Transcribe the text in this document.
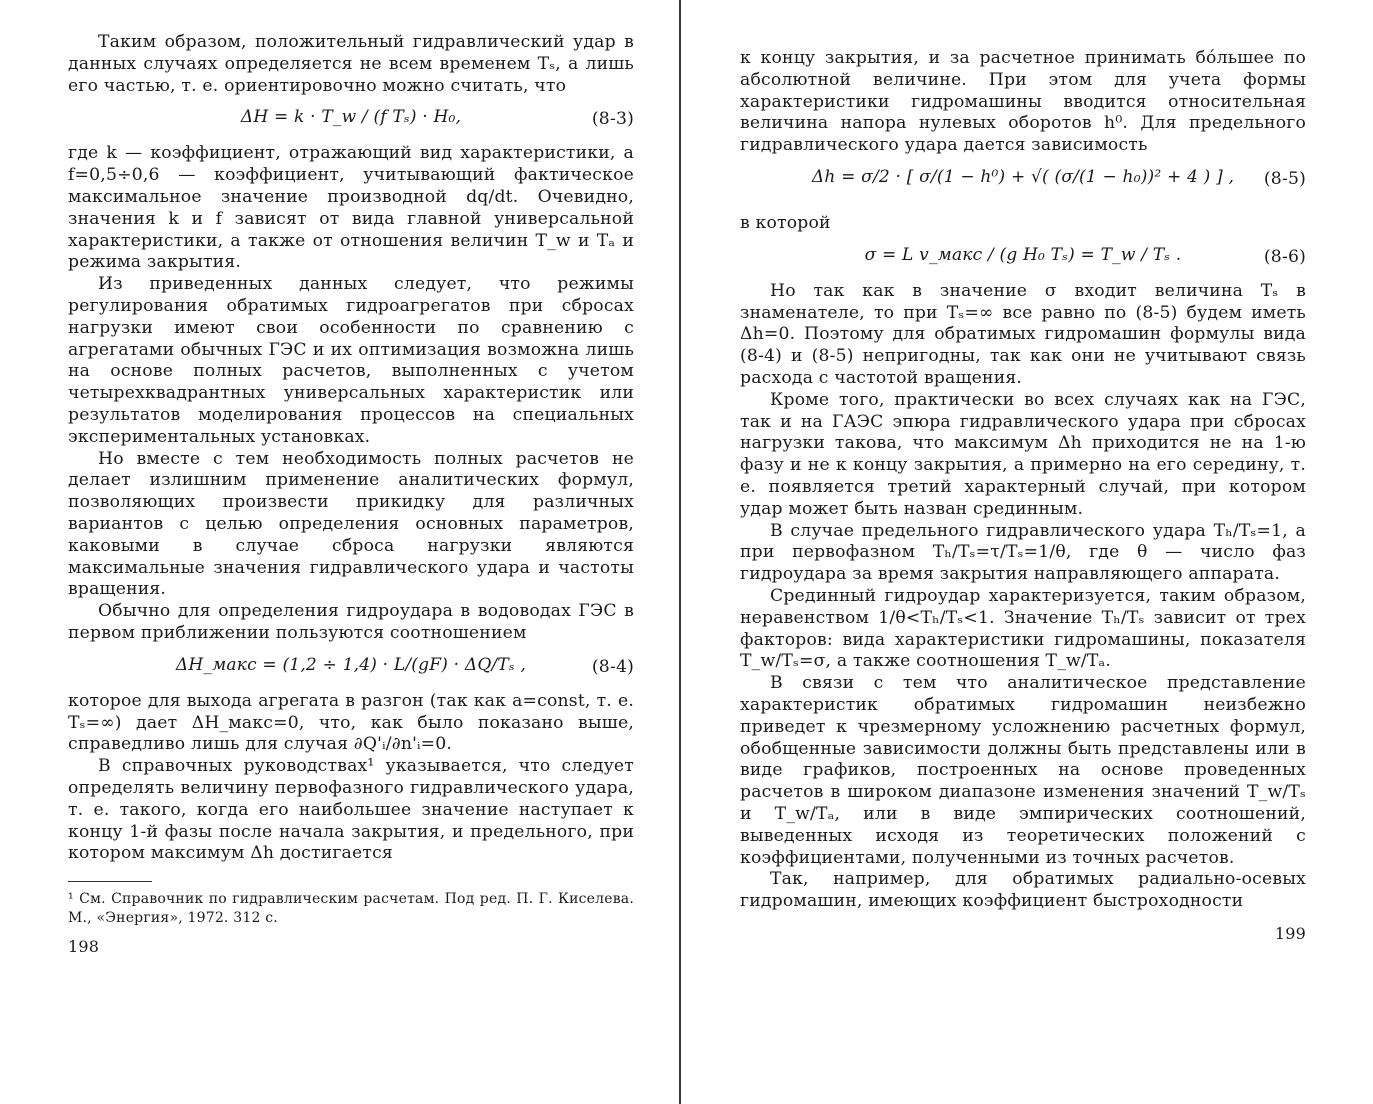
Таким образом, положительный гидравлический удар в данных случаях определяется не всем временем Tₛ, а лишь его частью, т. е. ориентировочно можно считать, что

ΔH = k · T_w / (f Tₛ) · H₀,	(8-3)

где k — коэффициент, отражающий вид характеристики, а f=0,5÷0,6 — коэффициент, учитывающий фактическое максимальное значение производной dq/dt. Очевидно, значения k и f зависят от вида главной универсальной характеристики, а также от отношения величин T_w и Tₐ и режима закрытия.

Из приведенных данных следует, что режимы регулирования обратимых гидроагрегатов при сбросах нагрузки имеют свои особенности по сравнению с агрегатами обычных ГЭС и их оптимизация возможна лишь на основе полных расчетов, выполненных с учетом четырехквадрантных универсальных характеристик или результатов моделирования процессов на специальных экспериментальных установках.

Но вместе с тем необходимость полных расчетов не делает излишним применение аналитических формул, позволяющих произвести прикидку для различных вариантов с целью определения основных параметров, каковыми в случае сброса нагрузки являются максимальные значения гидравлического удара и частоты вращения.

Обычно для определения гидроудара в водоводах ГЭС в первом приближении пользуются соотношением

ΔH_макс = (1,2 ÷ 1,4) · L/(gF) · ΔQ/Tₛ ,	(8-4)

которое для выхода агрегата в разгон (так как a=const, т. е. Tₛ=∞) дает ΔH_макс=0, что, как было показано выше, справедливо лишь для случая ∂Q'ᵢ/∂n'ᵢ=0.

В справочных руководствах¹ указывается, что следует определять величину первофазного гидравлического удара, т. е. такого, когда его наибольшее значение наступает к концу 1-й фазы после начала закрытия, и предельного, при котором максимум Δh достигается

¹ См. Справочник по гидравлическим расчетам. Под ред. П. Г. Киселева. М., «Энергия», 1972. 312 с.

198

к концу закрытия, и за расчетное принимать бóльшее по абсолютной величине. При этом для учета формы характеристики гидромашины вводится относительная величина напора нулевых оборотов h⁰. Для предельного гидравлического удара дается зависимость

Δh = σ/2 · [ σ/(1 − h⁰) + √( (σ/(1 − h₀))² + 4 ) ] ,	(8-5)

в которой

σ = L v_макс / (g H₀ Tₛ) = T_w / Tₛ .	(8-6)

Но так как в значение σ входит величина Tₛ в знаменателе, то при Tₛ=∞ все равно по (8-5) будем иметь Δh=0. Поэтому для обратимых гидромашин формулы вида (8-4) и (8-5) непригодны, так как они не учитывают связь расхода с частотой вращения.

Кроме того, практически во всех случаях как на ГЭС, так и на ГАЭС эпюра гидравлического удара при сбросах нагрузки такова, что максимум Δh приходится не на 1-ю фазу и не к концу закрытия, а примерно на его середину, т. е. появляется третий характерный случай, при котором удар может быть назван срединным.

В случае предельного гидравлического удара Tₕ/Tₛ=1, а при первофазном Tₕ/Tₛ=τ/Tₛ=1/θ, где θ — число фаз гидроудара за время закрытия направляющего аппарата.

Срединный гидроудар характеризуется, таким образом, неравенством 1/θ<Tₕ/Tₛ<1. Значение Tₕ/Tₛ зависит от трех факторов: вида характеристики гидромашины, показателя T_w/Tₛ=σ, а также соотношения T_w/Tₐ.

В связи с тем что аналитическое представление характеристик обратимых гидромашин неизбежно приведет к чрезмерному усложнению расчетных формул, обобщенные зависимости должны быть представлены или в виде графиков, построенных на основе проведенных расчетов в широком диапазоне изменения значений T_w/Tₛ и T_w/Tₐ, или в виде эмпирических соотношений, выведенных исходя из теоретических положений с коэффициентами, полученными из точных расчетов.

Так, например, для обратимых радиально-осевых гидромашин, имеющих коэффициент быстроходности

199
